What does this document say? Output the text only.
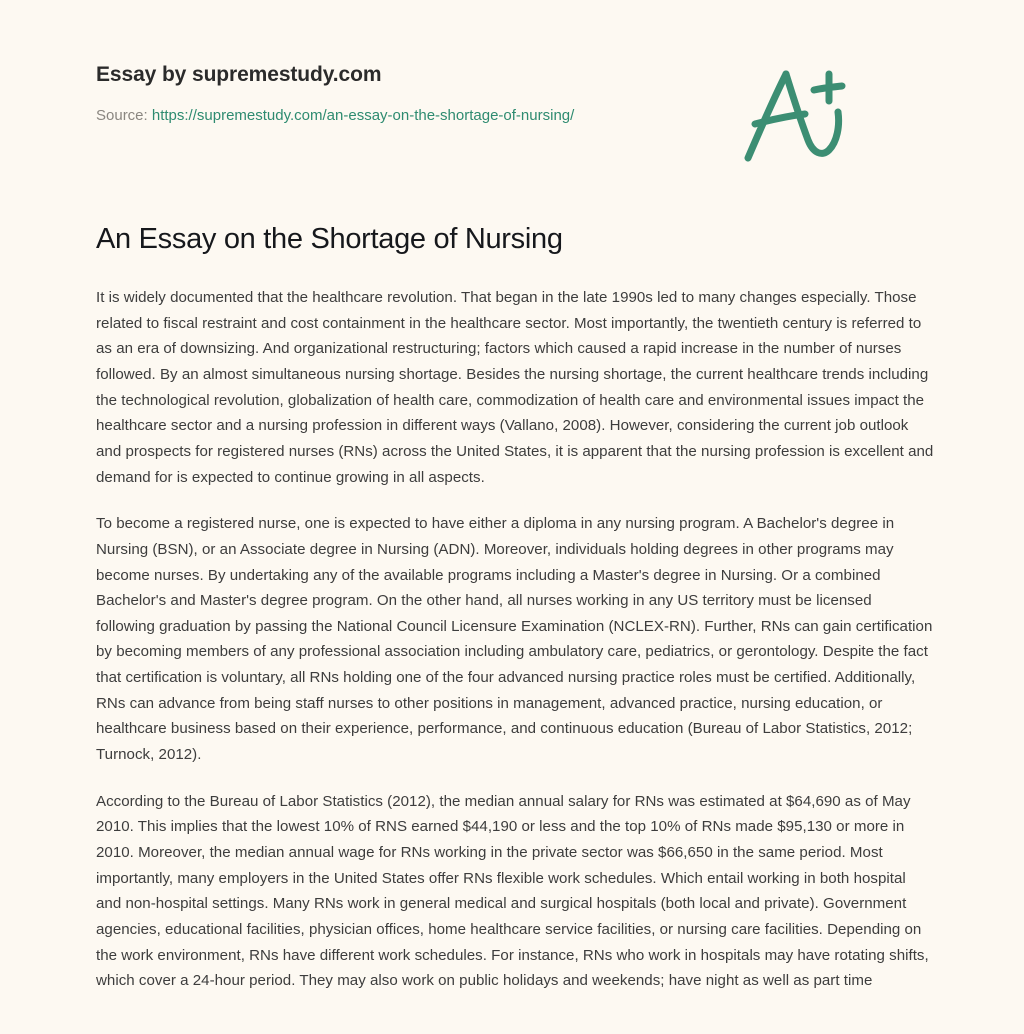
Essay by supremestudy.com
Source: https://supremestudy.com/an-essay-on-the-shortage-of-nursing/
An Essay on the Shortage of Nursing

It is widely documented that the healthcare revolution. That began in the late 1990s led to many changes especially. Those related to fiscal restraint and cost containment in the healthcare sector. Most importantly, the twentieth century is referred to as an era of downsizing. And organizational restructuring; factors which caused a rapid increase in the number of nurses followed. By an almost simultaneous nursing shortage. Besides the nursing shortage, the current healthcare trends including the technological revolution, globalization of health care, commodization of health care and environmental issues impact the healthcare sector and a nursing profession in different ways (Vallano, 2008). However, considering the current job outlook and prospects for registered nurses (RNs) across the United States, it is apparent that the nursing profession is excellent and demand for is expected to continue growing in all aspects.

To become a registered nurse, one is expected to have either a diploma in any nursing program. A Bachelor's degree in Nursing (BSN), or an Associate degree in Nursing (ADN). Moreover, individuals holding degrees in other programs may become nurses. By undertaking any of the available programs including a Master's degree in Nursing. Or a combined Bachelor's and Master's degree program. On the other hand, all nurses working in any US territory must be licensed following graduation by passing the National Council Licensure Examination (NCLEX-RN). Further, RNs can gain certification by becoming members of any professional association including ambulatory care, pediatrics, or gerontology. Despite the fact that certification is voluntary, all RNs holding one of the four advanced nursing practice roles must be certified. Additionally, RNs can advance from being staff nurses to other positions in management, advanced practice, nursing education, or healthcare business based on their experience, performance, and continuous education (Bureau of Labor Statistics, 2012; Turnock, 2012).

According to the Bureau of Labor Statistics (2012), the median annual salary for RNs was estimated at $64,690 as of May 2010. This implies that the lowest 10% of RNS earned $44,190 or less and the top 10% of RNs made $95,130 or more in 2010. Moreover, the median annual wage for RNs working in the private sector was $66,650 in the same period. Most importantly, many employers in the United States offer RNs flexible work schedules. Which entail working in both hospital and non-hospital settings. Many RNs work in general medical and surgical hospitals (both local and private). Government agencies, educational facilities, physician offices, home healthcare service facilities, or nursing care facilities. Depending on the work environment, RNs have different work schedules. For instance, RNs who work in hospitals may have rotating shifts, which cover a 24-hour period. They may also work on public holidays and weekends; have night as well as part time
